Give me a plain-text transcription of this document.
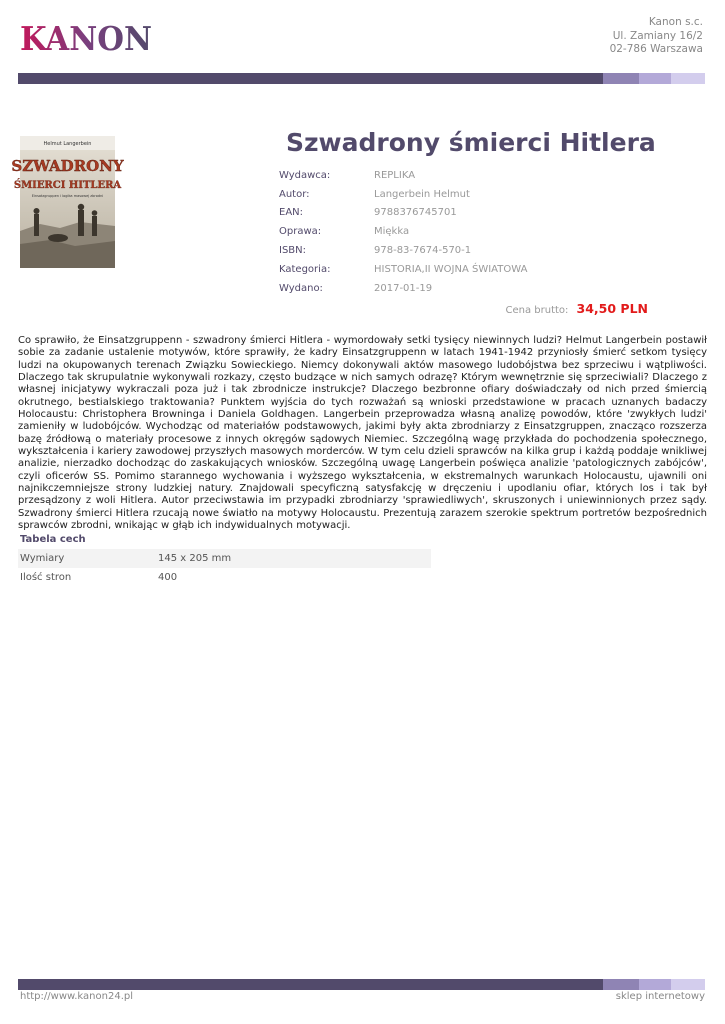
KANON	Kanon s.c.
Ul. Zamiany 16/2
02-786 Warszawa
Helmut Langerbein
SZWADRONY
ŚMIERCI HITLERA
Einsatzgruppen i logika masowej zbrodni
Szwadrony śmierci Hitlera
Wydawca:	REPLIKA
Autor:	Langerbein Helmut
EAN:	9788376745701
Oprawa:	Miękka
ISBN:	978-83-7674-570-1
Kategoria:	HISTORIA,II WOJNA ŚWIATOWA
Wydano:	2017-01-19
Cena brutto: 34,50 PLN

Co sprawiło, że Einsatzgruppenn - szwadrony śmierci Hitlera - wymordowały setki tysięcy niewinnych ludzi? Helmut Langerbein postawił sobie za zadanie ustalenie motywów, które sprawiły, że kadry Einsatzgruppenn w latach 1941-1942 przyniosły śmierć setkom tysięcy ludzi na okupowanych terenach Związku Sowieckiego. Niemcy dokonywali aktów masowego ludobójstwa bez sprzeciwu i wątpliwości. Dlaczego tak skrupulatnie wykonywali rozkazy, często budzące w nich samych odrazę? Którym wewnętrznie się sprzeciwiali? Dlaczego z własnej inicjatywy wykraczali poza już i tak zbrodnicze instrukcje? Dlaczego bezbronne ofiary doświadczały od nich przed śmiercią okrutnego, bestialskiego traktowania? Punktem wyjścia do tych rozważań są wnioski przedstawione w pracach uznanych badaczy Holocaustu: Christophera Browninga i Daniela Goldhagen. Langerbein przeprowadza własną analizę powodów, które 'zwykłych ludzi' zamieniły w ludobójców. Wychodząc od materiałów podstawowych, jakimi były akta zbrodniarzy z Einsatzgruppen, znacząco rozszerza bazę źródłową o materiały procesowe z innych okręgów sądowych Niemiec. Szczególną wagę przykłada do pochodzenia społecznego, wykształcenia i kariery zawodowej przyszłych masowych morderców. W tym celu dzieli sprawców na kilka grup i każdą poddaje wnikliwej analizie, nierzadko dochodząc do zaskakujących wniosków. Szczególną uwagę Langerbein poświęca analizie 'patologicznych zabójców', czyli oficerów SS. Pomimo starannego wychowania i wyższego wykształcenia, w ekstremalnych warunkach Holocaustu, ujawnili oni najnikczemniejsze strony ludzkiej natury. Znajdowali specyficzną satysfakcję w dręczeniu i upodlaniu ofiar, których los i tak był przesądzony z woli Hitlera. Autor przeciwstawia im przypadki zbrodniarzy 'sprawiedliwych', skruszonych i uniewinnionych przez sądy. Szwadrony śmierci Hitlera rzucają nowe światło na motywy Holocaustu. Prezentują zarazem szerokie spektrum portretów bezpośrednich sprawców zbrodni, wnikając w głąb ich indywidualnych motywacji.

Tabela cech
Wymiary	145 x 205 mm
Ilość stron	400
http://www.kanon24.pl	sklep internetowy
